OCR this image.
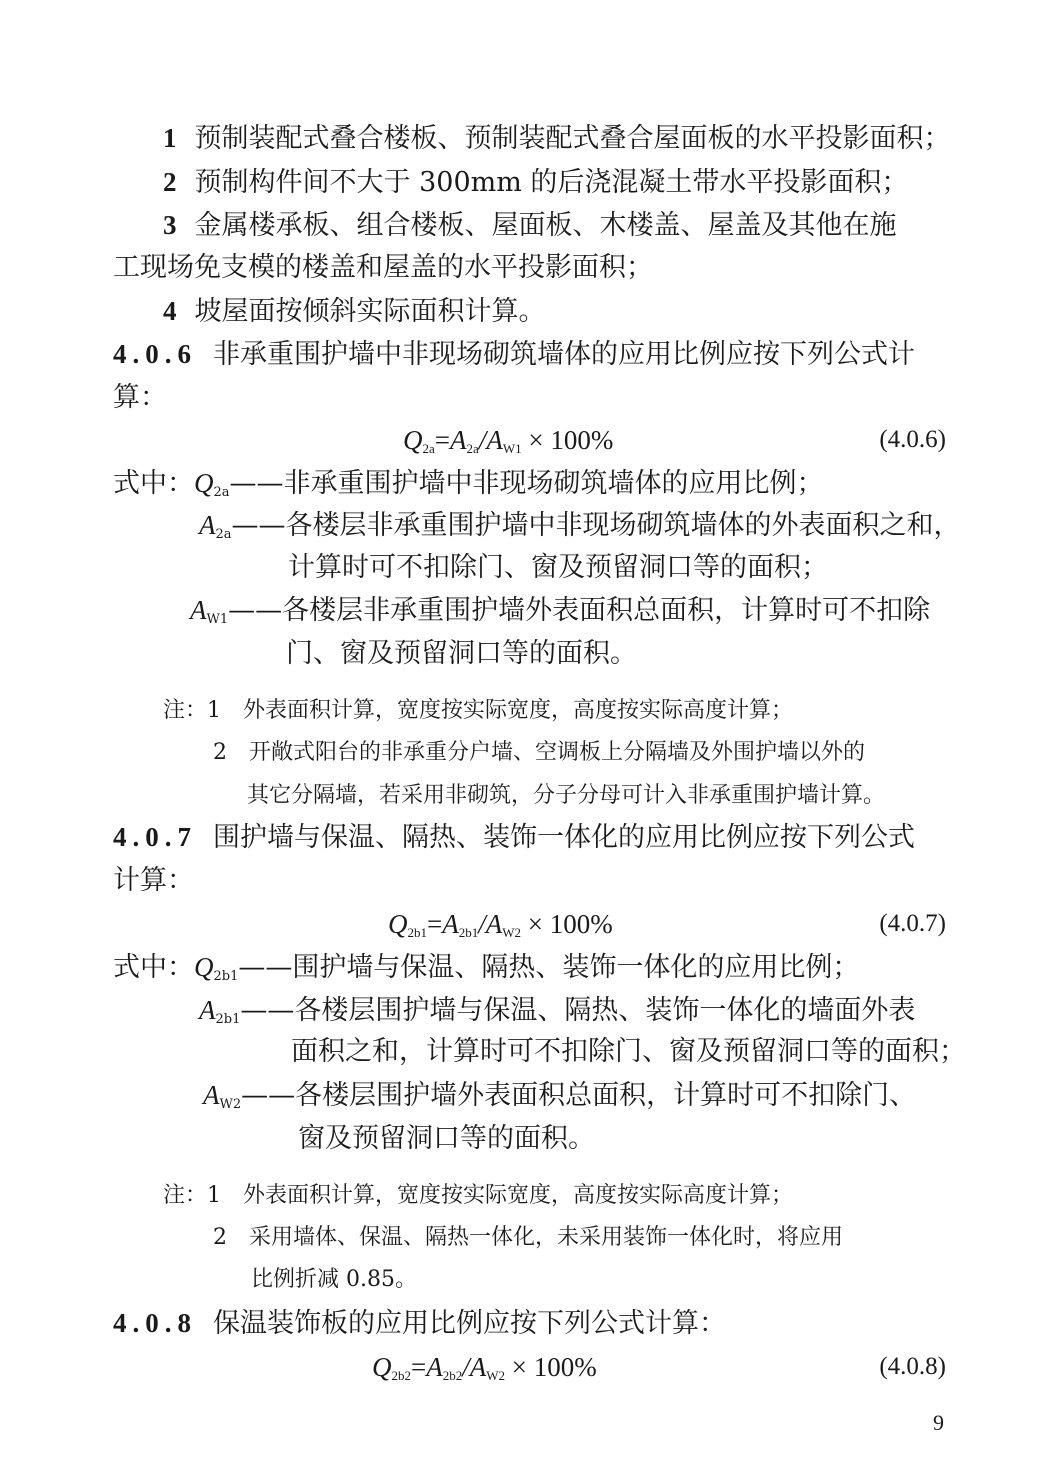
1 预制装配式叠合楼板、预制装配式叠合屋面板的水平投影面积；
2 预制构件间不大于 300mm 的后浇混凝土带水平投影面积；
3 金属楼承板、组合楼板、屋面板、木楼盖、屋盖及其他在施
工现场免支模的楼盖和屋盖的水平投影面积；
4 坡屋面按倾斜实际面积计算。
4.0.6 非承重围护墙中非现场砌筑墙体的应用比例应按下列公式计
算：
$Q_{2a}=A_{2a}/A_{W1} \times 100\%$	(4.0.6)
式中：$Q_{2a}——$非承重围护墙中非现场砌筑墙体的应用比例；
$A_{2a}——$各楼层非承重围护墙中非现场砌筑墙体的外表面积之和，
计算时可不扣除门、窗及预留洞口等的面积；
$A_{W1}——$各楼层非承重围护墙外表面积总面积，计算时可不扣除
门、窗及预留洞口等的面积。
注：1 外表面积计算，宽度按实际宽度，高度按实际高度计算；
2 开敞式阳台的非承重分户墙、空调板上分隔墙及外围护墙以外的
其它分隔墙，若采用非砌筑，分子分母可计入非承重围护墙计算。
4.0.7 围护墙与保温、隔热、装饰一体化的应用比例应按下列公式
计算：
$Q_{2b1}=A_{2b1}/A_{W2} \times 100\%$	(4.0.7)
式中：$Q_{2b1}——$围护墙与保温、隔热、装饰一体化的应用比例；
$A_{2b1}——$各楼层围护墙与保温、隔热、装饰一体化的墙面外表
面积之和，计算时可不扣除门、窗及预留洞口等的面积；
$A_{W2}——$各楼层围护墙外表面积总面积，计算时可不扣除门、
窗及预留洞口等的面积。
注：1 外表面积计算，宽度按实际宽度，高度按实际高度计算；
2 采用墙体、保温、隔热一体化，未采用装饰一体化时，将应用
比例折减 0.85。
4.0.8 保温装饰板的应用比例应按下列公式计算：
$Q_{2b2}=A_{2b2}/A_{W2} \times 100\%$	(4.0.8)
9
